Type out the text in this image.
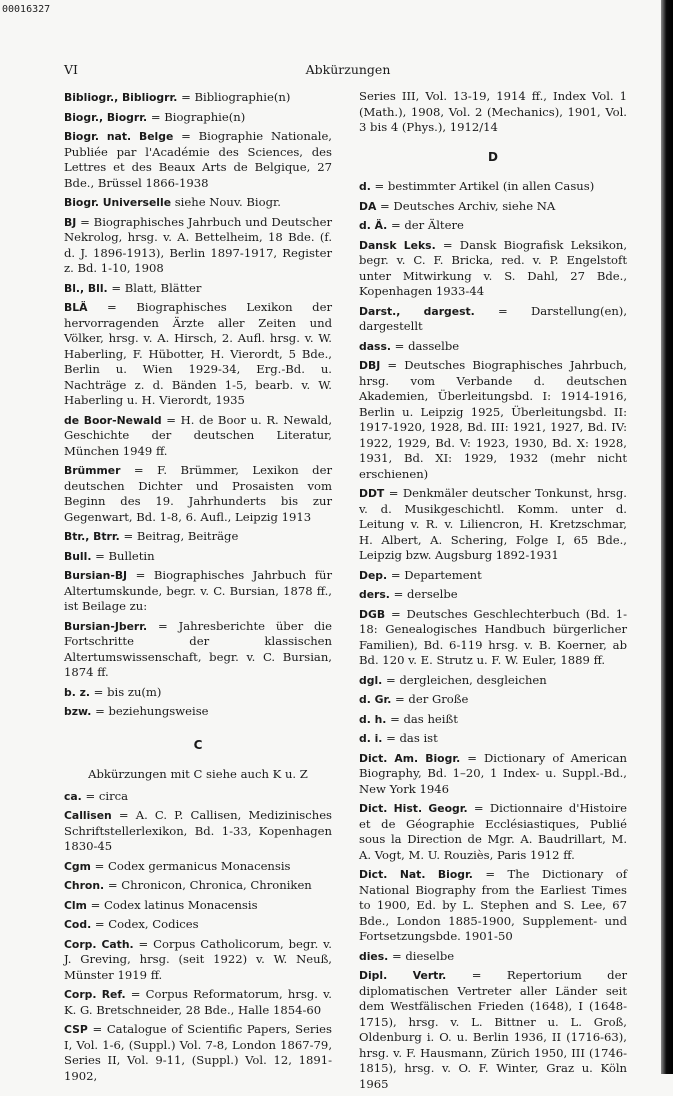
00016327
VI	Abkürzungen
Bibliogr., Bibliogrr. = Bibliographie(n)
Biogr., Biogrr. = Biographie(n)
Biogr. nat. Belge = Biographie Nationale, Publiée par l'Académie des Sciences, des Lettres et des Beaux Arts de Belgique, 27 Bde., Brüssel 1866-1938
Biogr. Universelle siehe Nouv. Biogr.
BJ = Biographisches Jahrbuch und Deutscher Nekrolog, hrsg. v. A. Bettelheim, 18 Bde. (f. d. J. 1896-1913), Berlin 1897-1917, Register z. Bd. 1-10, 1908
Bl., Bll. = Blatt, Blätter
BLÄ = Biographisches Lexikon der hervorragenden Ärzte aller Zeiten und Völker, hrsg. v. A. Hirsch, 2. Aufl. hrsg. v. W. Haberling, F. Hübotter, H. Vierordt, 5 Bde., Berlin u. Wien 1929-34, Erg.-Bd. u. Nachträge z. d. Bänden 1-5, bearb. v. W. Haberling u. H. Vierordt, 1935
de Boor-Newald = H. de Boor u. R. Newald, Geschichte der deutschen Literatur, München 1949 ff.
Brümmer = F. Brümmer, Lexikon der deutschen Dichter und Prosaisten vom Beginn des 19. Jahrhunderts bis zur Gegenwart, Bd. 1-8, 6. Aufl., Leipzig 1913
Btr., Btrr. = Beitrag, Beiträge
Bull. = Bulletin
Bursian-BJ = Biographisches Jahrbuch für Altertumskunde, begr. v. C. Bursian, 1878 ff., ist Beilage zu:
Bursian-Jberr. = Jahresberichte über die Fortschritte der klassischen Altertumswissenschaft, begr. v. C. Bursian, 1874 ff.
b. z. = bis zu(m)
bzw. = beziehungsweise
C
Abkürzungen mit C siehe auch K u. Z
ca. = circa
Callisen = A. C. P. Callisen, Medizinisches Schriftstellerlexikon, Bd. 1-33, Kopenhagen 1830-45
Cgm = Codex germanicus Monacensis
Chron. = Chronicon, Chronica, Chroniken
Clm = Codex latinus Monacensis
Cod. = Codex, Codices
Corp. Cath. = Corpus Catholicorum, begr. v. J. Greving, hrsg. (seit 1922) v. W. Neuß, Münster 1919 ff.
Corp. Ref. = Corpus Reformatorum, hrsg. v. K. G. Bretschneider, 28 Bde., Halle 1854-60
CSP = Catalogue of Scientific Papers, Series I, Vol. 1-6, (Suppl.) Vol. 7-8, London 1867-79, Series II, Vol. 9-11, (Suppl.) Vol. 12, 1891-1902,
Series III, Vol. 13-19, 1914 ff., Index Vol. 1 (Math.), 1908, Vol. 2 (Mechanics), 1901, Vol. 3 bis 4 (Phys.), 1912/14
D
d. = bestimmter Artikel (in allen Casus)
DA = Deutsches Archiv, siehe NA
d. Ä. = der Ältere
Dansk Leks. = Dansk Biografisk Leksikon, begr. v. C. F. Bricka, red. v. P. Engelstoft unter Mitwirkung v. S. Dahl, 27 Bde., Kopenhagen 1933-44
Darst., dargest. = Darstellung(en), dargestellt
dass. = dasselbe
DBJ = Deutsches Biographisches Jahrbuch, hrsg. vom Verbande d. deutschen Akademien, Überleitungsbd. I: 1914-1916, Berlin u. Leipzig 1925, Überleitungsbd. II: 1917-1920, 1928, Bd. III: 1921, 1927, Bd. IV: 1922, 1929, Bd. V: 1923, 1930, Bd. X: 1928, 1931, Bd. XI: 1929, 1932 (mehr nicht erschienen)
DDT = Denkmäler deutscher Tonkunst, hrsg. v. d. Musikgeschichtl. Komm. unter d. Leitung v. R. v. Liliencron, H. Kretzschmar, H. Albert, A. Schering, Folge I, 65 Bde., Leipzig bzw. Augsburg 1892-1931
Dep. = Departement
ders. = derselbe
DGB = Deutsches Geschlechterbuch (Bd. 1-18: Genealogisches Handbuch bürgerlicher Familien), Bd. 6-119 hrsg. v. B. Koerner, ab Bd. 120 v. E. Strutz u. F. W. Euler, 1889 ff.
dgl. = dergleichen, desgleichen
d. Gr. = der Große
d. h. = das heißt
d. i. = das ist
Dict. Am. Biogr. = Dictionary of American Biography, Bd. 1–20, 1 Index- u. Suppl.-Bd., New York 1946
Dict. Hist. Geogr. = Dictionnaire d'Histoire et de Géographie Ecclésiastiques, Publié sous la Direction de Mgr. A. Baudrillart, M. A. Vogt, M. U. Rouziès, Paris 1912 ff.
Dict. Nat. Biogr. = The Dictionary of National Biography from the Earliest Times to 1900, Ed. by L. Stephen and S. Lee, 67 Bde., London 1885-1900, Supplement- und Fortsetzungsbde. 1901-50
dies. = dieselbe
Dipl. Vertr. = Repertorium der diplomatischen Vertreter aller Länder seit dem Westfälischen Frieden (1648), I (1648-1715), hrsg. v. L. Bittner u. L. Groß, Oldenburg i. O. u. Berlin 1936, II (1716-63), hrsg. v. F. Hausmann, Zürich 1950, III (1746-1815), hrsg. v. O. F. Winter, Graz u. Köln 1965
